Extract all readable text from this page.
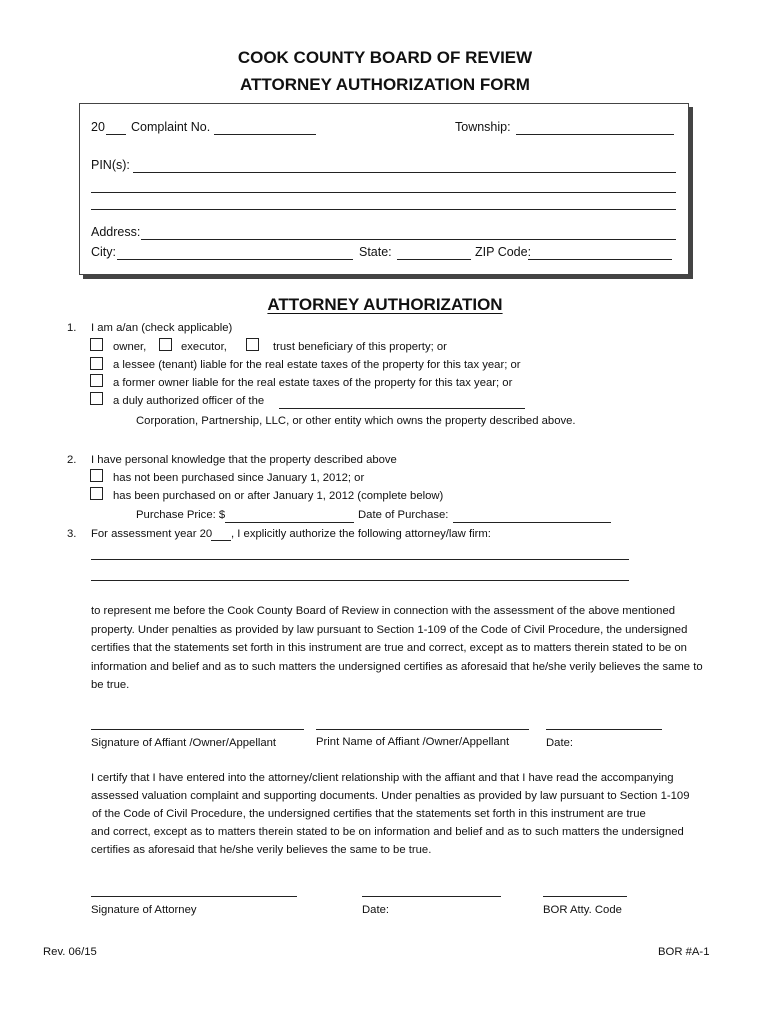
COOK COUNTY BOARD OF REVIEW
ATTORNEY AUTHORIZATION FORM
20 Complaint No.	Township:
PIN(s):
Address:
City:	State:	ZIP Code:
ATTORNEY AUTHORIZATION
1. I am a/an (check applicable)
owner,	executor,	trust beneficiary of this property; or
a lessee (tenant) liable for the real estate taxes of the property for this tax year; or
a former owner liable for the real estate taxes of the property for this tax year; or
a duly authorized officer of the
Corporation, Partnership, LLC, or other entity which owns the property described above.
2. I have personal knowledge that the property described above
has not been purchased since January 1, 2012; or
has been purchased on or after January 1, 2012 (complete below)
Purchase Price: $	Date of Purchase:
3. For assessment year 20 , I explicitly authorize the following attorney/law firm:
to represent me before the Cook County Board of Review in connection with the assessment of the above mentioned
property. Under penalties as provided by law pursuant to Section 1-109 of the Code of Civil Procedure, the undersigned
certifies that the statements set forth in this instrument are true and correct, except as to matters therein stated to be on
information and belief and as to such matters the undersigned certifies as aforesaid that he/she verily believes the same to
be true.
Signature of Affiant /Owner/Appellant	Print Name of Affiant /Owner/Appellant	Date:
I certify that I have entered into the attorney/client relationship with the affiant and that I have read the accompanying
assessed valuation complaint and supporting documents. Under penalties as provided by law pursuant to Section 1-109
of the Code of Civil Procedure, the undersigned certifies that the statements set forth in this instrument are true
and correct, except as to matters therein stated to be on information and belief and as to such matters the undersigned
certifies as aforesaid that he/she verily believes the same to be true.
Signature of Attorney	Date:	BOR Atty. Code
Rev. 06/15	BOR #A-1
